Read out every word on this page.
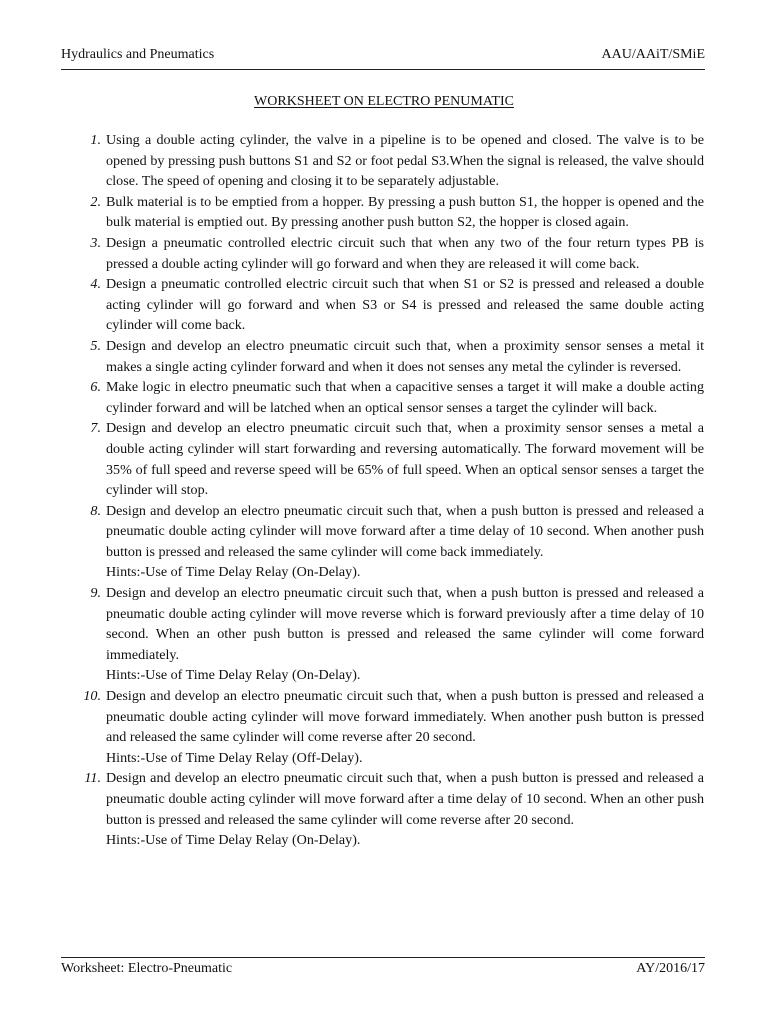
Hydraulics and Pneumatics	AAU/AAiT/SMiE
WORKSHEET ON ELECTRO PENUMATIC
1. Using a double acting cylinder, the valve in a pipeline is to be opened and closed. The valve is to be opened by pressing push buttons S1 and S2 or foot pedal S3.When the signal is released, the valve should close. The speed of opening and closing it to be separately adjustable.
2. Bulk material is to be emptied from a hopper. By pressing a push button S1, the hopper is opened and the bulk material is emptied out. By pressing another push button S2, the hopper is closed again.
3. Design a pneumatic controlled electric circuit such that when any two of the four return types PB is pressed a double acting cylinder will go forward and when they are released it will come back.
4. Design a pneumatic controlled electric circuit such that when S1 or S2 is pressed and released a double acting cylinder will go forward and when S3 or S4 is pressed and released the same double acting cylinder will come back.
5. Design and develop an electro pneumatic circuit such that, when a proximity sensor senses a metal it makes a single acting cylinder forward and when it does not senses any metal the cylinder is reversed.
6. Make logic in electro pneumatic such that when a capacitive senses a target it will make a double acting cylinder forward and will be latched when an optical sensor senses a target the cylinder will back.
7. Design and develop an electro pneumatic circuit such that, when a proximity sensor senses a metal a double acting cylinder will start forwarding and reversing automatically. The forward movement will be 35% of full speed and reverse speed will be 65% of full speed. When an optical sensor senses a target the cylinder will stop.
8. Design and develop an electro pneumatic circuit such that, when a push button is pressed and released a pneumatic double acting cylinder will move forward after a time delay of 10 second. When another push button is pressed and released the same cylinder will come back immediately.
Hints:-Use of Time Delay Relay (On-Delay).
9. Design and develop an electro pneumatic circuit such that, when a push button is pressed and released a pneumatic double acting cylinder will move reverse which is forward previously after a time delay of 10 second. When an other push button is pressed and released the same cylinder will come forward immediately.
Hints:-Use of Time Delay Relay (On-Delay).
10. Design and develop an electro pneumatic circuit such that, when a push button is pressed and released a pneumatic double acting cylinder will move forward immediately. When another push button is pressed and released the same cylinder will come reverse after 20 second.
Hints:-Use of Time Delay Relay (Off-Delay).
11. Design and develop an electro pneumatic circuit such that, when a push button is pressed and released a pneumatic double acting cylinder will move forward after a time delay of 10 second. When an other push button is pressed and released the same cylinder will come reverse after 20 second.
Hints:-Use of Time Delay Relay (On-Delay).
Worksheet: Electro-Pneumatic	AY/2016/17
